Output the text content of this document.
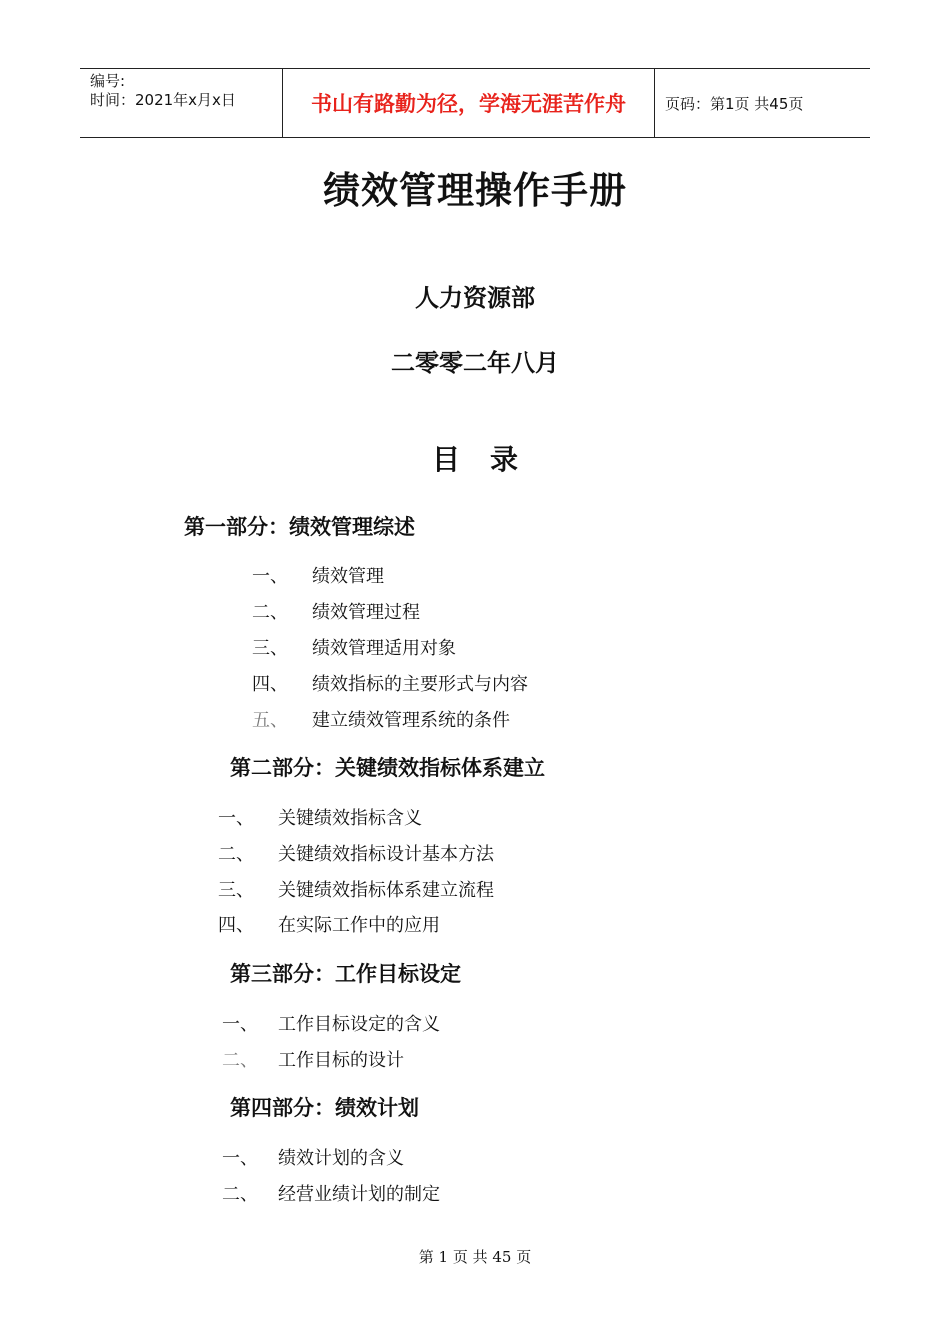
编号:
时间：2021年x月x日	书山有路勤为径，学海无涯苦作舟	页码：第1页 共45页
绩效管理操作手册
人力资源部
二零零二年八月
目录
第一部分：绩效管理综述
一、 绩效管理
二、 绩效管理过程
三、 绩效管理适用对象
四、 绩效指标的主要形式与内容
五、 建立绩效管理系统的条件
第二部分：关键绩效指标体系建立
一、 关键绩效指标含义
二、 关键绩效指标设计基本方法
三、 关键绩效指标体系建立流程
四、 在实际工作中的应用
第三部分：工作目标设定
一、 工作目标设定的含义
二、 工作目标的设计
第四部分：绩效计划
一、 绩效计划的含义
二、 经营业绩计划的制定
第 1 页 共 45 页
